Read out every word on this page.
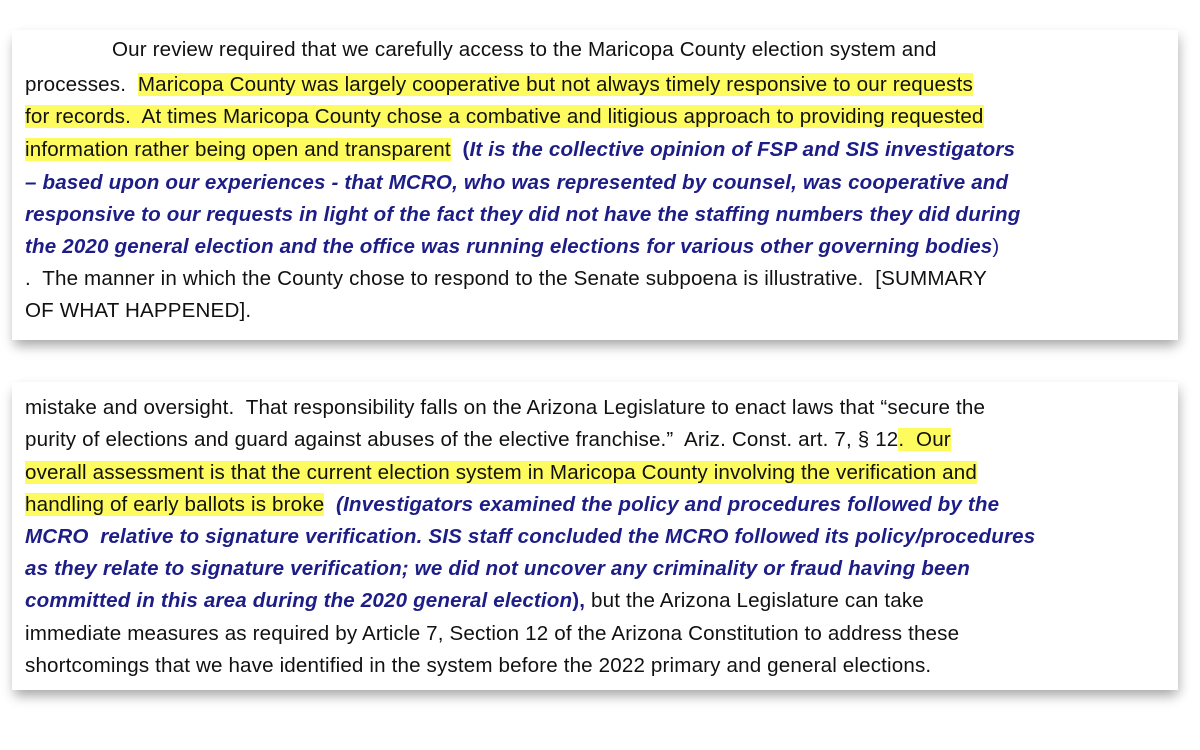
Our review required that we carefully access to the Maricopa County election system and
processes.  Maricopa County was largely cooperative but not always timely responsive to our requests
for records.  At times Maricopa County chose a combative and litigious approach to providing requested
information rather being open and transparent  (It is the collective opinion of FSP and SIS investigators
– based upon our experiences - that MCRO, who was represented by counsel, was cooperative and
responsive to our requests in light of the fact they did not have the staffing numbers they did during
the 2020 general election and the office was running elections for various other governing bodies)
.  The manner in which the County chose to respond to the Senate subpoena is illustrative.  [SUMMARY
OF WHAT HAPPENED].
mistake and oversight.  That responsibility falls on the Arizona Legislature to enact laws that “secure the
purity of elections and guard against abuses of the elective franchise.”  Ariz. Const. art. 7, § 12.  Our
overall assessment is that the current election system in Maricopa County involving the verification and
handling of early ballots is broke  (Investigators examined the policy and procedures followed by the
MCRO  relative to signature verification. SIS staff concluded the MCRO followed its policy/procedures
as they relate to signature verification; we did not uncover any criminality or fraud having been
committed in this area during the 2020 general election), but the Arizona Legislature can take
immediate measures as required by Article 7, Section 12 of the Arizona Constitution to address these
shortcomings that we have identified in the system before the 2022 primary and general elections.
